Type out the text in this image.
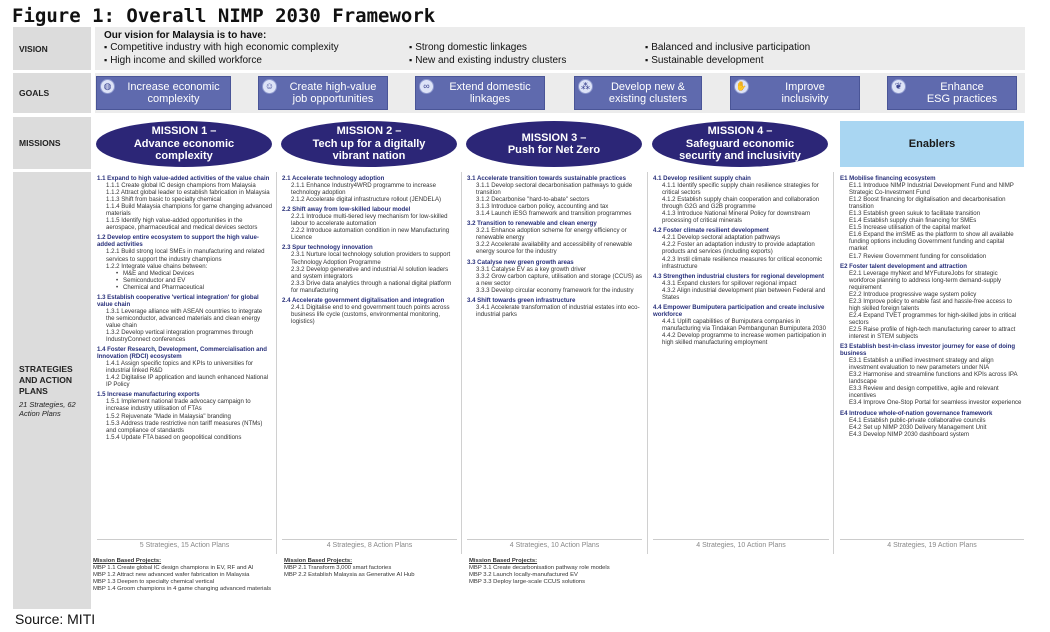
Figure 1: Overall NIMP 2030 Framework
VISION
GOALS
MISSIONS
STRATEGIES AND ACTION PLANS
21 Strategies, 62 Action Plans
Our vision for Malaysia is to have:
▪ Competitive industry with high economic complexity	▪ Strong domestic linkages	▪ Balanced and inclusive participation
▪ High income and skilled workforce	▪ New and existing industry clusters	▪ Sustainable development
◍	Increase economic
complexity
☺ Create high-value
job opportunities
∞	Extend domestic
linkages
⁂ Develop new &
existing clusters
✋	Improve
inclusivity
❦	Enhance
ESG practices
MISSION 1 –
Advance economic
complexity
MISSION 2 –
Tech up for a digitally
vibrant nation
MISSION 3 –
Push for Net Zero
MISSION 4 –
Safeguard economic
security and inclusivity
Enablers
1.1 Expand to high value-added activities of the value chain
1.1.1 Create global IC design champions from Malaysia
1.1.2 Attract global leader to establish fabrication in Malaysia
1.1.3 Shift from basic to specialty chemical
1.1.4 Build Malaysia champions for game changing advanced materials
1.1.5 Identify high value-added opportunities in the aerospace, pharmaceutical and medical devices sectors
1.2 Develop entire ecosystem to support the high value-added activities
1.2.1 Build strong local SMEs in manufacturing and related services to support the industry champions
1.2.2 Integrate value chains between:
• M&E and Medical Devices
• Semiconductor and EV
• Chemical and Pharmaceutical
1.3 Establish cooperative 'vertical integration' for global value chain
1.3.1 Leverage alliance with ASEAN countries to integrate the semiconductor, advanced materials and clean energy value chain
1.3.2 Develop vertical integration programmes through IndustryConnect conferences
1.4 Foster Research, Development, Commercialisation and Innovation (RDCI) ecosystem
1.4.1 Assign specific topics and KPIs to universities for industrial linked R&D
1.4.2 Digitalise IP application and launch enhanced National IP Policy
1.5 Increase manufacturing exports
1.5.1 Implement national trade advocacy campaign to increase industry utilisation of FTAs
1.5.2 Rejuvenate "Made in Malaysia" branding
1.5.3 Address trade restrictive non tariff measures (NTMs) and compliance of standards
1.5.4 Update FTA based on geopolitical conditions
2.1 Accelerate technology adoption
2.1.1 Enhance Industry4WRD programme to increase technology adoption
2.1.2 Accelerate digital infrastructure rollout (JENDELA)
2.2 Shift away from low-skilled labour model
2.2.1 Introduce multi-tiered levy mechanism for low-skilled labour to accelerate automation
2.2.2 Introduce automation condition in new Manufacturing Licence
2.3 Spur technology innovation
2.3.1 Nurture local technology solution providers to support Technology Adoption Programme
2.3.2 Develop generative and industrial AI solution leaders and system integrators
2.3.3 Drive data analytics through a national digital platform for manufacturing
2.4 Accelerate government digitalisation and integration
2.4.1 Digitalise end to end government touch points across business life cycle (customs, environmental monitoring, logistics)
3.1 Accelerate transition towards sustainable practices
3.1.1 Develop sectoral decarbonisation pathways to guide transition
3.1.2 Decarbonise "hard-to-abate" sectors
3.1.3 Introduce carbon policy, accounting and tax
3.1.4 Launch iESG framework and transition programmes
3.2 Transition to renewable and clean energy
3.2.1 Enhance adoption scheme for energy efficiency or renewable energy
3.2.2 Accelerate availability and accessibility of renewable energy source for the industry
3.3 Catalyse new green growth areas
3.3.1 Catalyse EV as a key growth driver
3.3.2 Grow carbon capture, utilisation and storage (CCUS) as a new sector
3.3.3 Develop circular economy framework for the industry
3.4 Shift towards green infrastructure
3.4.1 Accelerate transformation of industrial estates into eco-industrial parks
4.1 Develop resilient supply chain
4.1.1 Identify specific supply chain resilience strategies for critical sectors
4.1.2 Establish supply chain cooperation and collaboration through G2G and G2B programme
4.1.3 Introduce National Mineral Policy for downstream processing of critical minerals
4.2 Foster climate resilient development
4.2.1 Develop sectoral adaptation pathways
4.2.2 Foster an adaptation industry to provide adaptation products and services (including exports)
4.2.3 Instil climate resilience measures for critical economic infrastructure
4.3 Strengthen industrial clusters for regional development
4.3.1 Expand clusters for spillover regional impact
4.3.2 Align industrial development plan between Federal and States
4.4 Empower Bumiputera participation and create inclusive workforce
4.4.1 Uplift capabilities of Bumiputera companies in manufacturing via Tindakan Pembangunan Bumiputera 2030
4.4.2 Develop programme to increase women participation in high skilled manufacturing employment
E1 Mobilise financing ecosystem
E1.1 Introduce NIMP Industrial Development Fund and NIMP Strategic Co-Investment Fund
E1.2 Boost financing for digitalisation and decarbonisation transition
E1.3 Establish green sukuk to facilitate transition
E1.4 Establish supply chain financing for SMEs
E1.5 Increase utilisation of the capital market
E1.6 Expand the imSME as the platform to show all available funding options including Government funding and capital market
E1.7 Review Government funding for consolidation
E2 Foster talent development and attraction
E2.1 Leverage myNext and MYFutureJobs for strategic workforce planning to address long-term demand-supply requirement
E2.2 Introduce progressive wage system policy
E2.3 Improve policy to enable fast and hassle-free access to high skilled foreign talents
E2.4 Expand TVET programmes for high-skilled jobs in critical sectors
E2.5 Raise profile of high-tech manufacturing career to attract interest in STEM subjects
E3 Establish best-in-class investor journey for ease of doing business
E3.1 Establish a unified investment strategy and align investment evaluation to new parameters under NIA
E3.2 Harmonise and streamline functions and KPIs across IPA landscape
E3.3 Review and design competitive, agile and relevant incentives
E3.4 Improve One-Stop Portal for seamless investor experience
E4 Introduce whole-of-nation governance framework
E4.1 Establish public-private collaborative councils
E4.2 Set up NIMP 2030 Delivery Management Unit
E4.3 Develop NIMP 2030 dashboard system
5 Strategies, 15 Action Plans	4 Strategies, 8 Action Plans	4 Strategies, 10 Action Plans	4 Strategies, 10 Action Plans	4 Strategies, 19 Action Plans
Mission Based Projects:
MBP 1.1 Create global IC design champions in EV, RF and AI
MBP 1.2 Attract new advanced wafer fabrication in Malaysia
MBP 1.3 Deepen to specialty chemical vertical
MBP 1.4 Groom champions in 4 game changing advanced materials
Mission Based Projects:
MBP 2.1 Transform 3,000 smart factories
MBP 2.2 Establish Malaysia as Generative AI Hub
Mission Based Projects:
MBP 3.1 Create decarbonisation pathway role models
MBP 3.2 Launch locally-manufactured EV
MBP 3.3 Deploy large-scale CCUS solutions
Source: MITI
